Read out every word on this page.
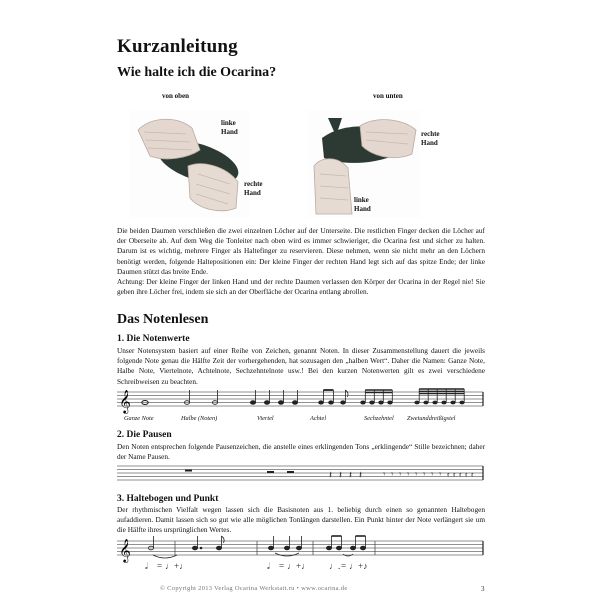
Kurzanleitung
Wie halte ich die Ocarina?
von oben
linke
Hand
rechte
Hand
von unten
rechte
Hand
linke
Hand
Die beiden Daumen verschließen die zwei einzelnen Löcher auf der Unterseite. Die restlichen Finger decken die Löcher auf der Oberseite ab. Auf dem Weg die Tonleiter nach oben wird es immer schwieriger, die Ocarina fest und sicher zu halten. Darum ist es wichtig, mehrere Finger als Haltefinger zu reservieren. Diese nehmen, wenn sie nicht mehr an den Löchern benötigt werden, folgende Haltepositionen ein: Der kleine Finger der rechten Hand legt sich auf das spitze Ende; der linke Daumen stützt das breite Ende.
Achtung: Der kleine Finger der linken Hand und der rechte Daumen verlassen den Körper der Ocarina in der Regel nie! Sie geben ihre Löcher frei, indem sie sich an der Oberfläche der Ocarina entlang abrollen.
Das Notenlesen
1. Die Notenwerte
Unser Notensystem basiert auf einer Reihe von Zeichen, genannt Noten. In dieser Zusammenstellung dauert die jeweils folgende Note genau die Hälfte Zeit der vorhergehenden, hat sozusagen den „halben Wert“. Daher die Namen: Ganze Note, Halbe Note, Viertelnote, Achtelnote, Sechzehntelnote usw.! Bei den kurzen Notenwerten gilt es zwei verschiedene Schreibweisen zu beachten.
𝄞
Ganze Note	Halbe (Noten)	Viertel	Achtel	Sechzehntel Zweiunddreißigstel
2. Die Pausen
Den Noten entsprechen folgende Pausenzeichen, die anstelle eines erklingenden Tons „erklingende“ Stille bezeichnen; daher der Name Pausen.
𝄽 𝄽 𝄽 𝄽 𝄾 𝄾 𝄾 𝄾 𝄾 𝄾 𝄾 𝄾 𝄿 𝄿 𝄿 𝄿 𝄿
3. Haltebogen und Punkt
Der rhythmischen Vielfalt wegen lassen sich die Basisnoten aus 1. beliebig durch einen so genannten Haltebogen aufaddieren. Damit lassen sich so gut wie alle möglichen Tonlängen darstellen. Ein Punkt hinter der Note verlängert sie um die Hälfte ihres ursprünglichen Wertes.
𝄞
𝅗𝅥 = ♩+♩	𝅗𝅥 = ♩+♩ ♩. = ♩+♪
© Copyright 2013 Verlag Ocarina Werkstatt.ru • www.ocarina.de	3
